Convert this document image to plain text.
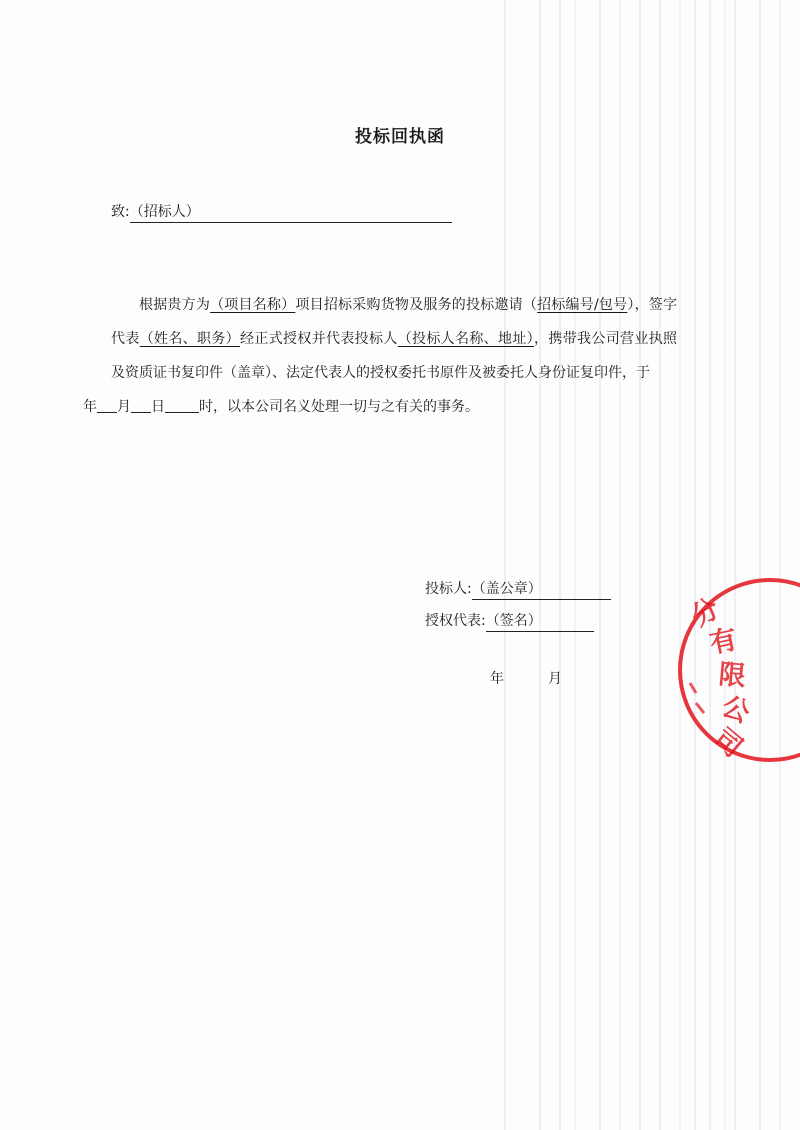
投标回执函
致:（招标人）
根据贵方为（项目名称）项目招标采购货物及服务的投标邀请（招标编号/包号），签字代表（姓名、职务）经正式授权并代表投标人（投标人名称、地址），携带我公司营业执照及资质证书复印件（盖章）、法定代表人的授权委托书原件及被委托人身份证复印件，于
年 月 日 时，以本公司名义处理一切与之有关的事务。
投标人:（盖公章）
授权代表:（签名）
年	月
分
有
限
公
司
